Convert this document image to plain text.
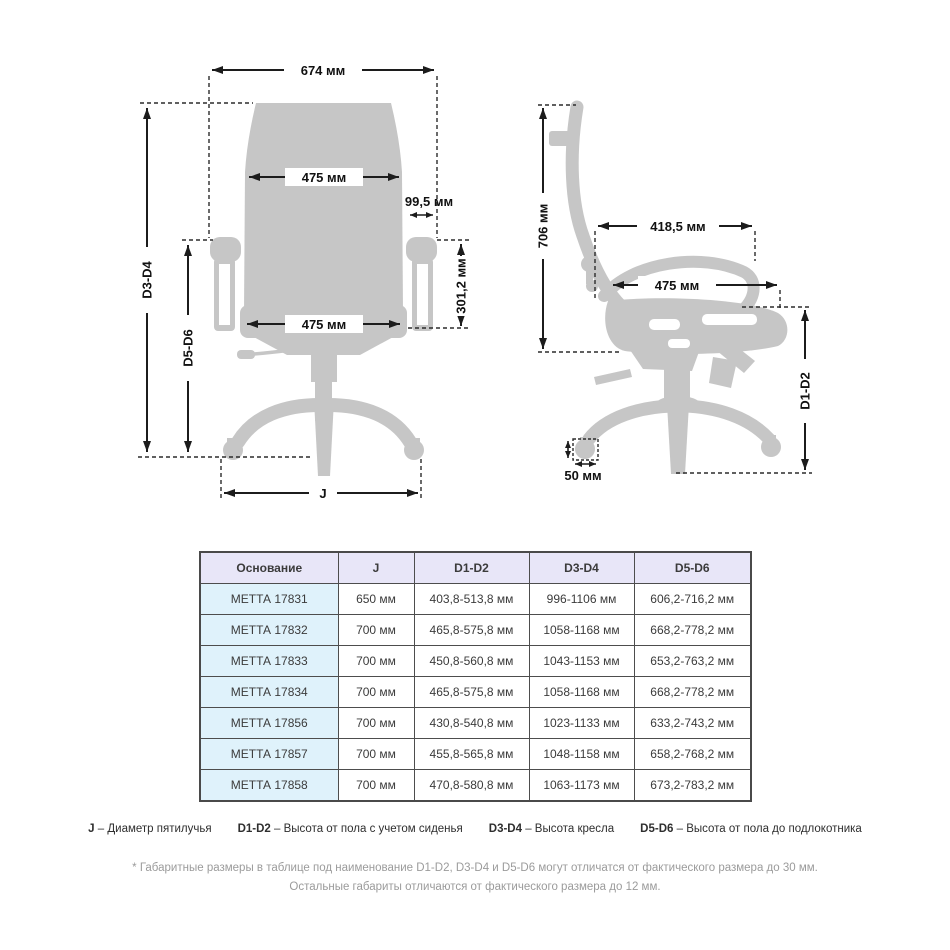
674 мм
D3-D4
475 мм
99,5 мм
301,2 мм
D5-D6
475 мм
J
706 мм	418,5 мм
475 мм
D1-D2
50 мм
Основание	J	D1-D2	D3-D4	D5-D6
МЕТТА 17831	650 мм	403,8-513,8 мм	996-1106 мм	606,2-716,2 мм
МЕТТА 17832	700 мм	465,8-575,8 мм	1058-1168 мм	668,2-778,2 мм
МЕТТА 17833	700 мм	450,8-560,8 мм	1043-1153 мм	653,2-763,2 мм
МЕТТА 17834	700 мм	465,8-575,8 мм	1058-1168 мм	668,2-778,2 мм
МЕТТА 17856	700 мм	430,8-540,8 мм	1023-1133 мм	633,2-743,2 мм
МЕТТА 17857	700 мм	455,8-565,8 мм	1048-1158 мм	658,2-768,2 мм
МЕТТА 17858	700 мм	470,8-580,8 мм	1063-1173 мм	673,2-783,2 мм
J – Диаметр пятилучья D1-D2 – Высота от пола с учетом сиденья D3-D4 – Высота кресла D5-D6 – Высота от пола до подлокотника
* Габаритные размеры в таблице под наименование D1-D2, D3-D4 и D5-D6 могут отличатся от фактического размера до 30 мм.
Остальные габариты отличаются от фактического размера до 12 мм.
